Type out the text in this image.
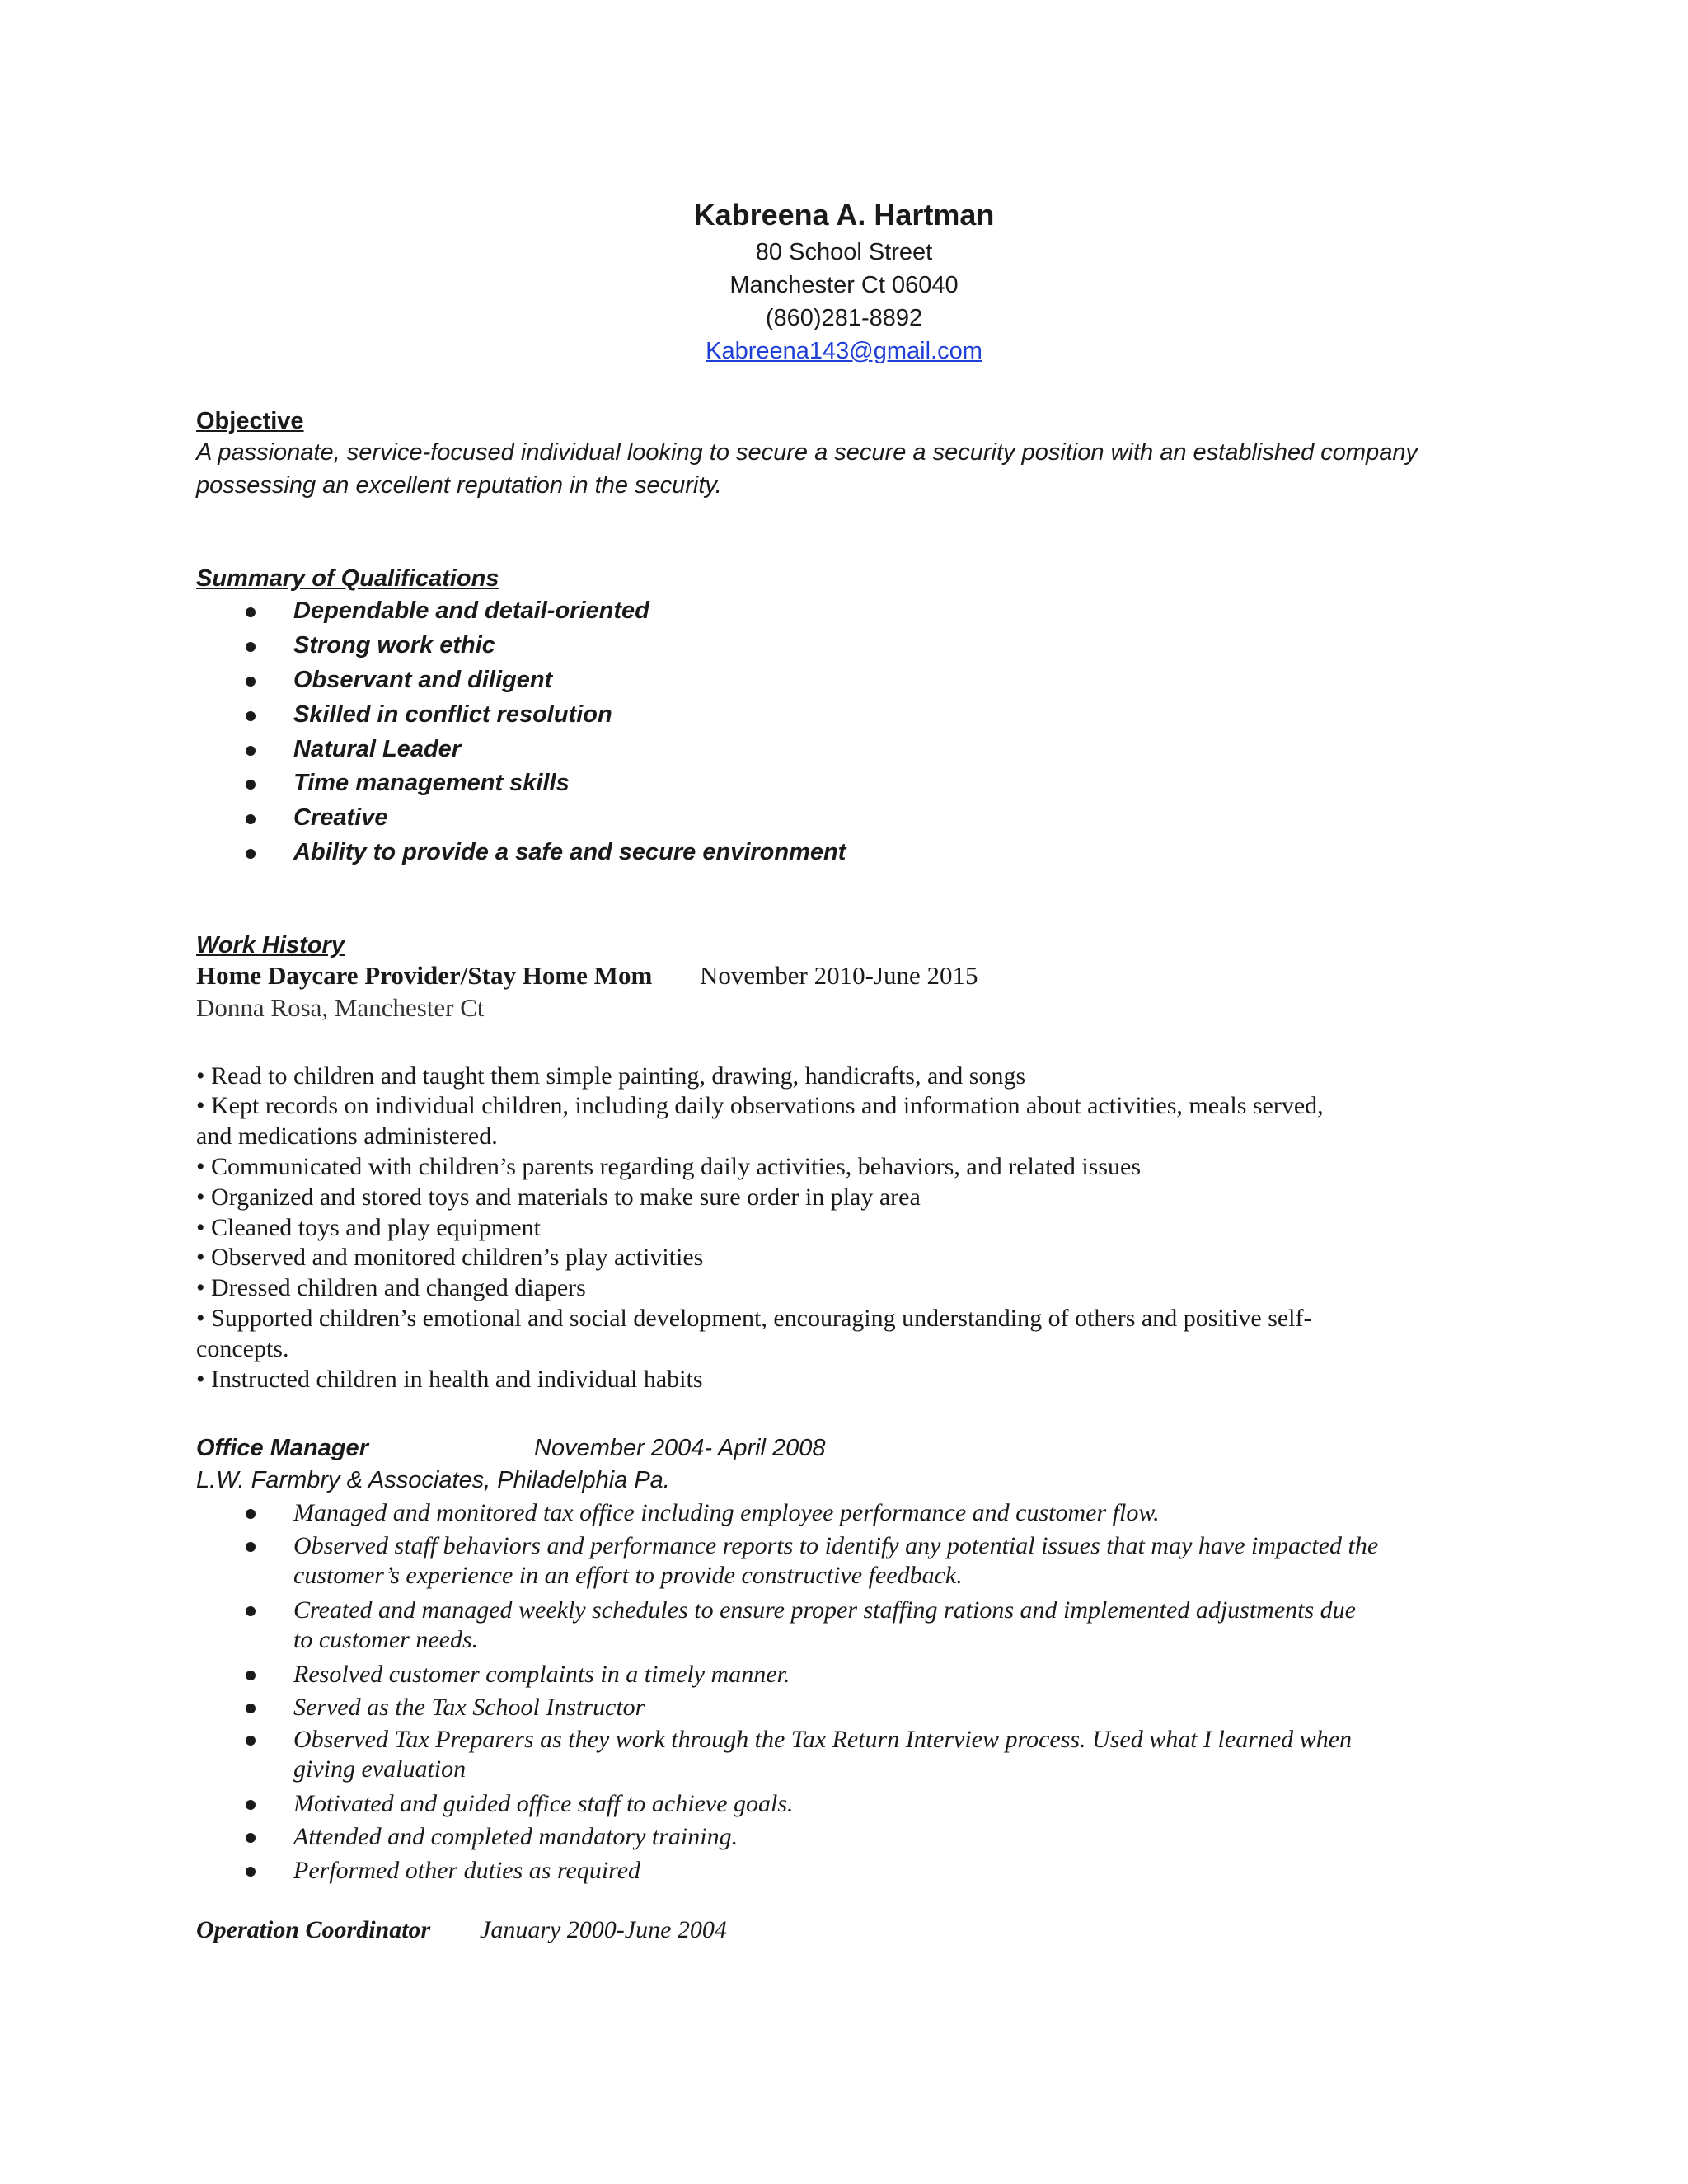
Kabreena A. Hartman
80 School Street
Manchester Ct 06040
(860)281-8892
Kabreena143@gmail.com
Objective
A passionate, service-focused individual looking to secure a secure a security position with an established company
possessing an excellent reputation in the security.
Summary of Qualifications
Dependable and detail-oriented
Strong work ethic
Observant and diligent
Skilled in conflict resolution
Natural Leader
Time management skills
Creative
Ability to provide a safe and secure environment
Work History
Home Daycare Provider/Stay Home Mom November 2010-June 2015
Donna Rosa, Manchester Ct
• Read to children and taught them simple painting, drawing, handicrafts, and songs
• Kept records on individual children, including daily observations and information about activities, meals served,
and medications administered.
• Communicated with children’s parents regarding daily activities, behaviors, and related issues
• Organized and stored toys and materials to make sure order in play area
• Cleaned toys and play equipment
• Observed and monitored children’s play activities
• Dressed children and changed diapers
• Supported children’s emotional and social development, encouraging understanding of others and positive self-
concepts.
• Instructed children in health and individual habits
Office Manager	November 2004- April 2008
L.W. Farmbry & Associates, Philadelphia Pa.
Managed and monitored tax office including employee performance and customer flow.
Observed staff behaviors and performance reports to identify any potential issues that may have impacted the
customer’s experience in an effort to provide constructive feedback.
Created and managed weekly schedules to ensure proper staffing rations and implemented adjustments due
to customer needs.
Resolved customer complaints in a timely manner.
Served as the Tax School Instructor
Observed Tax Preparers as they work through the Tax Return Interview process. Used what I learned when
giving evaluation
Motivated and guided office staff to achieve goals.
Attended and completed mandatory training.
Performed other duties as required
Operation Coordinator January 2000-June 2004
